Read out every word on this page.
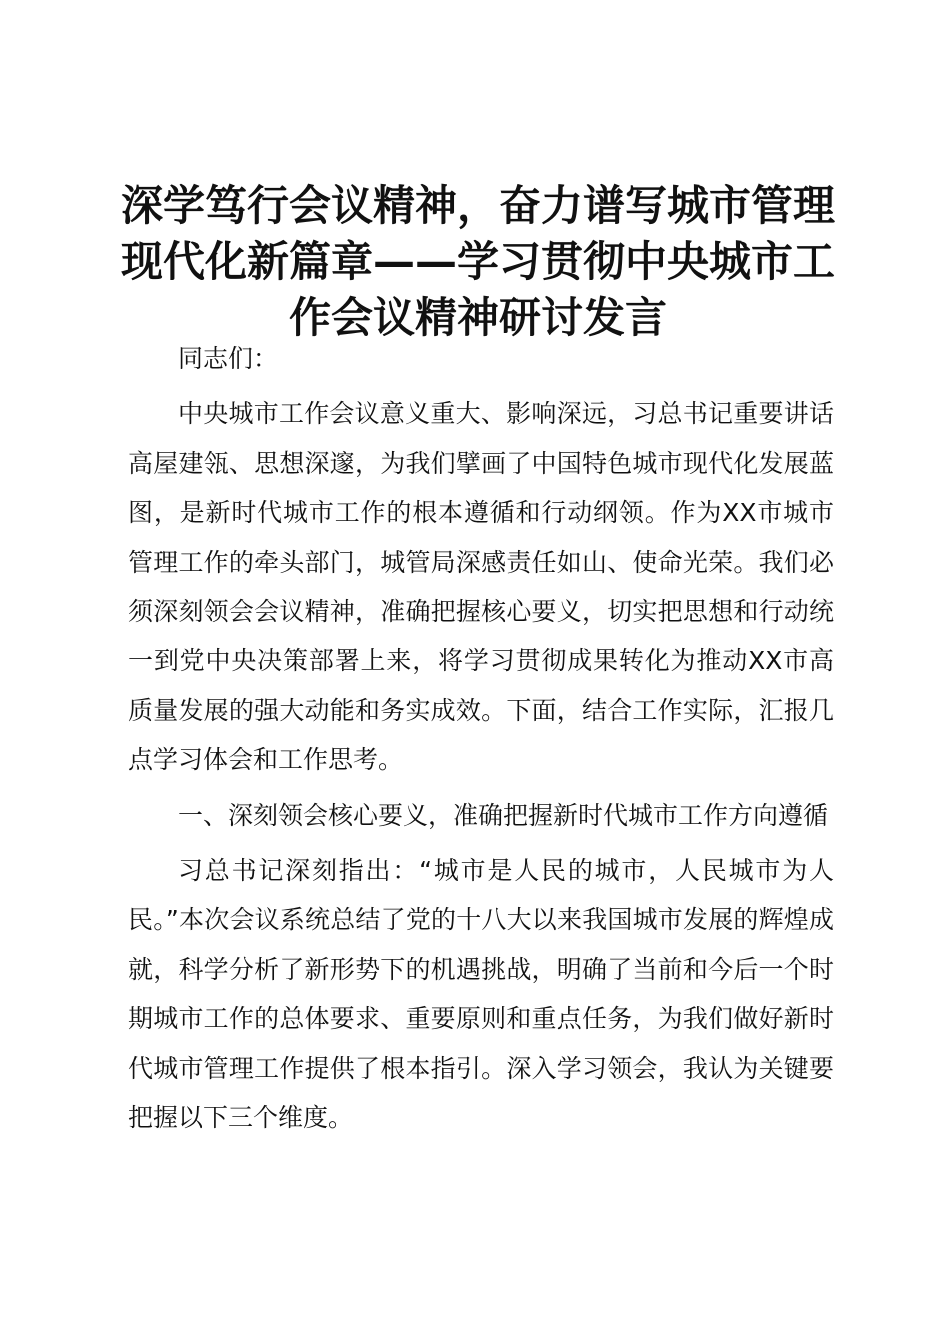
深学笃行会议精神，奋力谱写城市管理现代化新篇章——学习贯彻中央城市工作会议精神研讨发言

同志们：

中央城市工作会议意义重大、影响深远，习总书记重要讲话高屋建瓴、思想深邃，为我们擘画了中国特色城市现代化发展蓝图，是新时代城市工作的根本遵循和行动纲领。作为XX市城市管理工作的牵头部门，城管局深感责任如山、使命光荣。我们必须深刻领会会议精神，准确把握核心要义，切实把思想和行动统一到党中央决策部署上来，将学习贯彻成果转化为推动XX市高质量发展的强大动能和务实成效。下面，结合工作实际，汇报几点学习体会和工作思考。

一、深刻领会核心要义，准确把握新时代城市工作方向遵循

习总书记深刻指出：“城市是人民的城市，人民城市为人民。”本次会议系统总结了党的十八大以来我国城市发展的辉煌成就，科学分析了新形势下的机遇挑战，明确了当前和今后一个时期城市工作的总体要求、重要原则和重点任务，为我们做好新时代城市管理工作提供了根本指引。深入学习领会，我认为关键要把握以下三个维度。
